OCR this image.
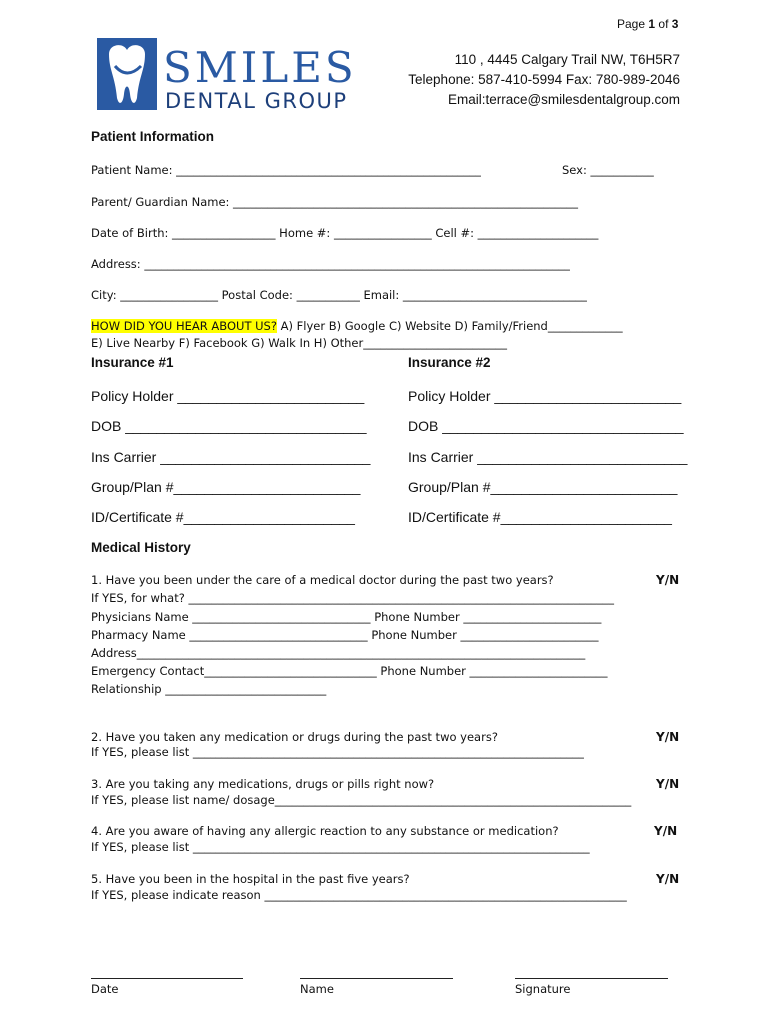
Page 1 of 3
SMILES
DENTAL GROUP
110 , 4445 Calgary Trail NW, T6H5R7
Telephone: 587-410-5994 Fax: 780-989-2046
Email:terrace@smilesdentalgroup.com
Patient Information
Patient Name: _____________________________________________________	Sex: ___________
Parent/ Guardian Name: ____________________________________________________________
Date of Birth: __________________ Home #: _________________ Cell #: _____________________
Address: __________________________________________________________________________
City: _________________ Postal Code: ___________ Email: ________________________________
HOW DID YOU HEAR ABOUT US? A) Flyer B) Google C) Website D) Family/Friend_____________
E) Live Nearby F) Facebook G) Walk In H) Other_________________________
Insurance #1
Policy Holder ________________________
DOB _______________________________
Ins Carrier ___________________________
Group/Plan #________________________
ID/Certificate #______________________
Insurance #2
Policy Holder ________________________
DOB _______________________________
Ins Carrier ___________________________
Group/Plan #________________________
ID/Certificate #______________________
Medical History
1. Have you been under the care of a medical doctor during the past two years?	Y/N
If YES, for what? __________________________________________________________________________
Physicians Name _______________________________ Phone Number ________________________
Pharmacy Name _______________________________ Phone Number ________________________
Address______________________________________________________________________________
Emergency Contact______________________________ Phone Number ________________________
Relationship ____________________________
2. Have you taken any medication or drugs during the past two years?	Y/N
If YES, please list ____________________________________________________________________
3. Are you taking any medications, drugs or pills right now?	Y/N
If YES, please list name/ dosage______________________________________________________________
4. Are you aware of having any allergic reaction to any substance or medication?	Y/N
If YES, please list _____________________________________________________________________
5. Have you been in the hospital in the past five years?	Y/N
If YES, please indicate reason _______________________________________________________________
Date	Name	Signature
